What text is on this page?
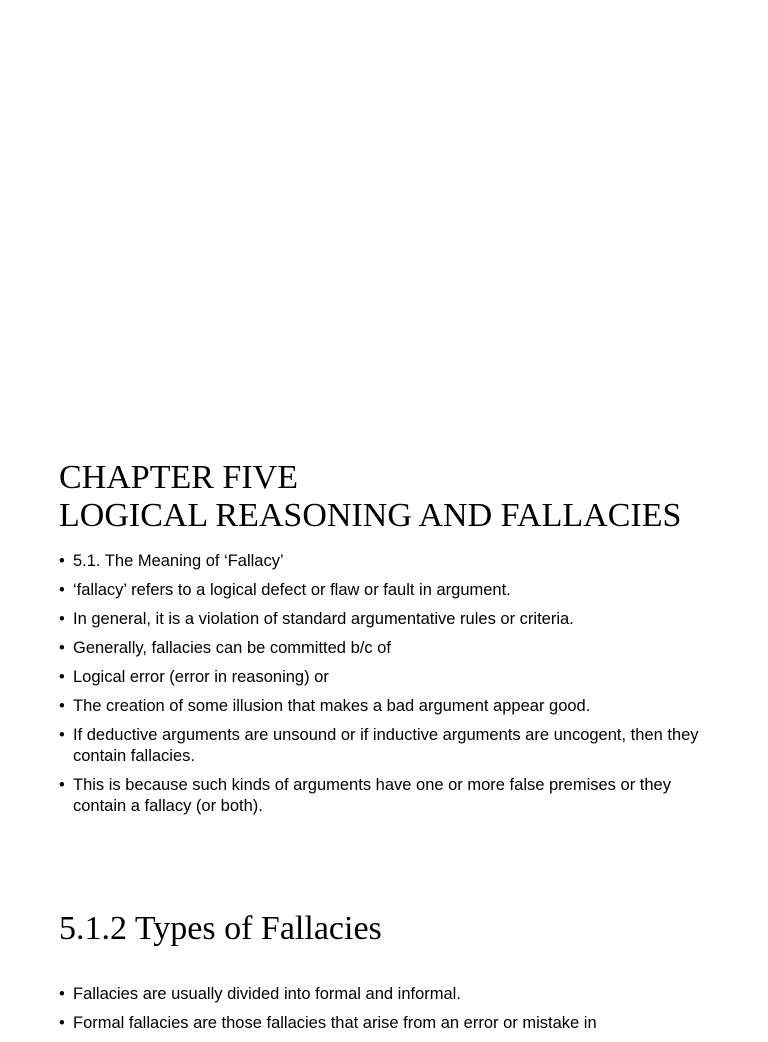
CHAPTER FIVE
LOGICAL REASONING AND FALLACIES
• 5.1. The Meaning of ‘Fallacy’
• ‘fallacy’ refers to a logical defect or flaw or fault in argument.
• In general, it is a violation of standard argumentative rules or criteria.
• Generally, fallacies can be committed b/c of
• Logical error (error in reasoning) or
• The creation of some illusion that makes a bad argument appear good.
• If deductive arguments are unsound or if inductive arguments are uncogent, then they contain fallacies.
• This is because such kinds of arguments have one or more false premises or they contain a fallacy (or both).
5.1.2 Types of Fallacies
• Fallacies are usually divided into formal and informal.
• Formal fallacies are those fallacies that arise from an error or mistake in
